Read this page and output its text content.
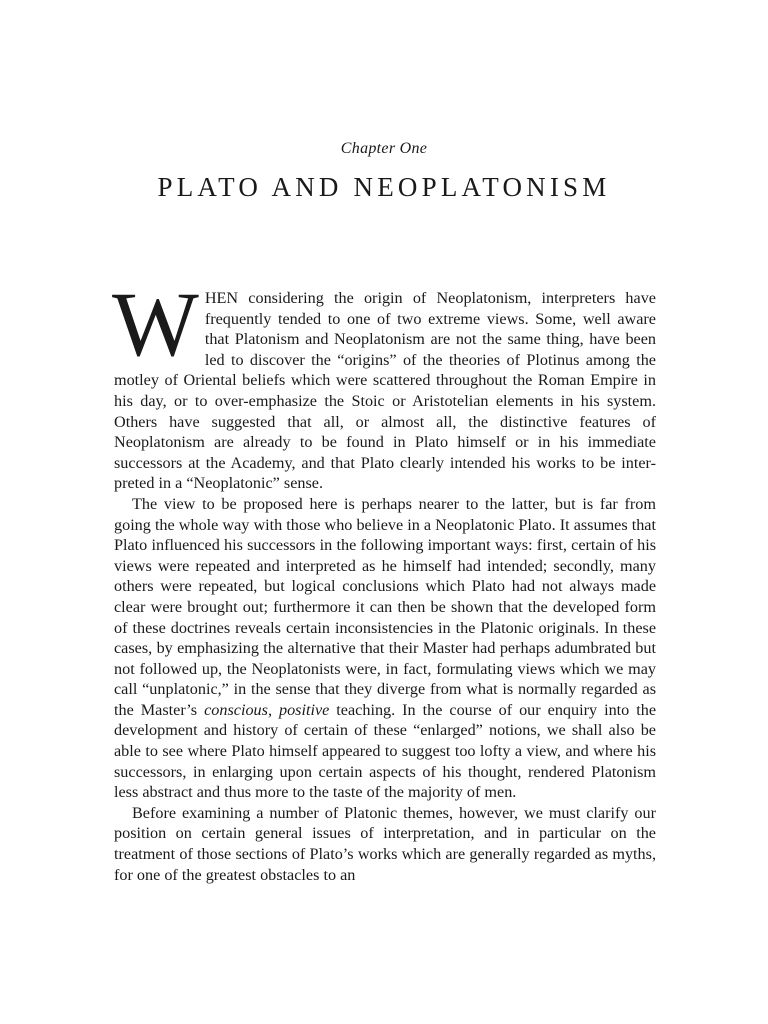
Chapter One
PLATO AND NEOPLATONISM

WHEN considering the origin of Neoplatonism, interpreters have frequently tended to one of two extreme views. Some, well aware that Platonism and Neoplatonism are not the same thing, have been led to discover the “origins” of the theories of Plotinus among the motley of Oriental beliefs which were scattered throughout the Roman Empire in his day, or to over-emphasize the Stoic or Aristotelian elements in his system. Others have suggested that all, or almost all, the distinctive features of Neoplatonism are already to be found in Plato himself or in his immediate successors at the Academy, and that Plato clearly intended his works to be inter-preted in a “Neoplatonic” sense.

The view to be proposed here is perhaps nearer to the latter, but is far from going the whole way with those who believe in a Neoplatonic Plato. It assumes that Plato influenced his successors in the following important ways: first, certain of his views were repeated and interpreted as he himself had intended; secondly, many others were repeated, but logical conclusions which Plato had not always made clear were brought out; furthermore it can then be shown that the developed form of these doctrines reveals certain inconsistencies in the Platonic originals. In these cases, by emphasizing the alternative that their Master had perhaps adumbrated but not followed up, the Neoplatonists were, in fact, formulating views which we may call “unplatonic,” in the sense that they diverge from what is normally regarded as the Master’s conscious, positive teaching. In the course of our enquiry into the development and history of certain of these “enlarged” notions, we shall also be able to see where Plato himself appeared to suggest too lofty a view, and where his successors, in enlarging upon certain aspects of his thought, rendered Platonism less abstract and thus more to the taste of the majority of men.

Before examining a number of Platonic themes, however, we must clarify our position on certain general issues of interpretation, and in particular on the treatment of those sections of Plato’s works which are generally regarded as myths, for one of the greatest obstacles to an
